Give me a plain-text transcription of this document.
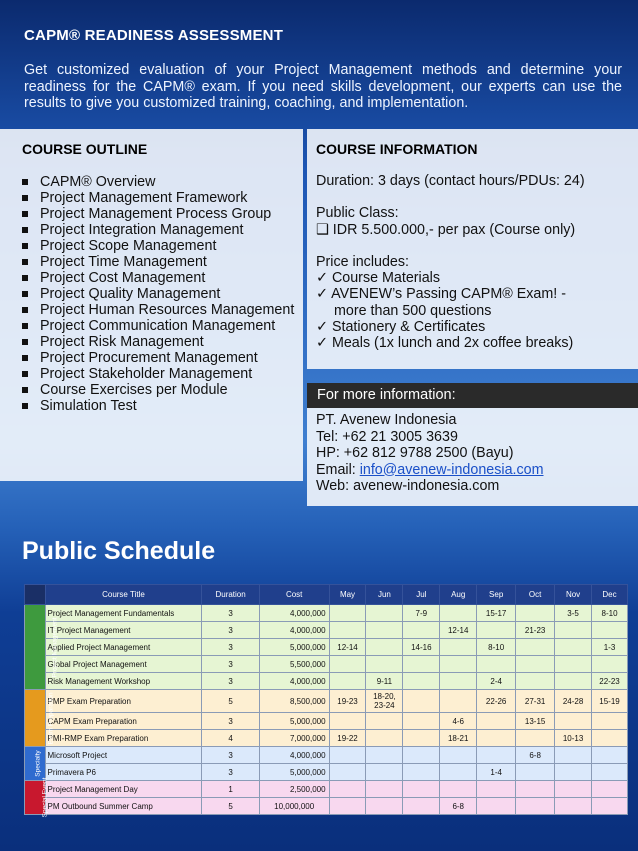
CAPM® READINESS ASSESSMENT
Get customized evaluation of your Project Management methods and determine your readiness for the CAPM® exam. If you need skills development, our experts can use the results to give you customized training, coaching, and implementation.
COURSE OUTLINE
CAPM® Overview
Project Management Framework
Project Management Process Group
Project Integration Management
Project Scope Management
Project Time Management
Project Cost Management
Project Quality Management
Project Human Resources Management
Project Communication Management
Project Risk Management
Project Procurement Management
Project Stakeholder Management
Course Exercises per Module
Simulation Test
COURSE INFORMATION
Duration: 3 days (contact hours/PDUs: 24)
Public Class:
❑ IDR 5.500.000,- per pax (Course only)
Price includes:
✓ Course Materials
✓ AVENEW’s Passing CAPM® Exam! -
more than 500 questions
✓ Stationery & Certificates
✓ Meals (1x lunch and 2x coffee breaks)
For more information:
PT. Avenew Indonesia
Tel: +62 21 3005 3639
HP: +62 812 9788 2500 (Bayu)
Email: info@avenew-indonesia.com
Web: avenew-indonesia.com
Public Schedule
	Course Title	Duration	Cost	May	Jun	Jul	Aug	Sep	Oct	Nov	Dec
Project Management	Project Management Fundamentals	3	4,000,000			7-9		15-17		3-5	8-10
	IT Project Management	3	4,000,000				12-14		21-23		
	Applied Project Management	3	5,000,000	12-14		14-16		8-10			1-3
	Global Project Management	3	5,500,000								
	Risk Management Workshop	3	4,000,000		9-11			2-4			22-23
Exam Preparation	PMP Exam Preparation	5	8,500,000	19-23	18-20,
23-24			22-26	27-31	24-28	15-19
	CAPM Exam Preparation	3	5,000,000				4-6		13-15		
	PMI-RMP Exam Preparation	4	7,000,000	19-22			18-21			10-13	
Specialty	Microsoft Project	3	4,000,000						6-8		
	Primavera P6	3	5,000,000					1-4			
Special Event	Project Management Day	1	2,500,000								
	PM Outbound Summer Camp	5	10,000,000				6-8				
